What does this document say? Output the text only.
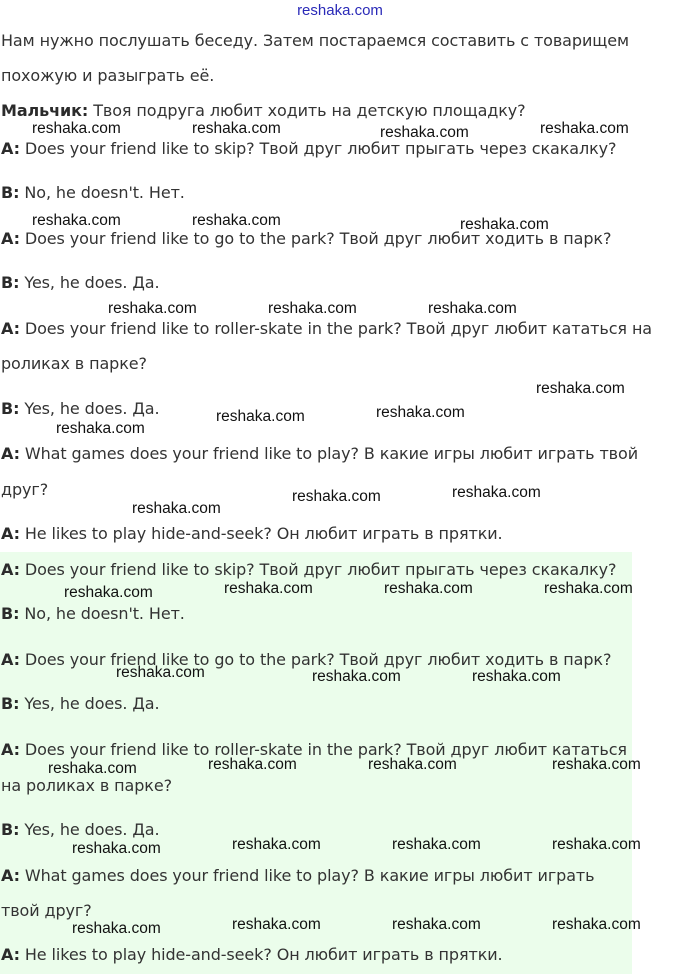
reshaka.com
Нам нужно послушать беседу. Затем постараемся составить с товарищем
похожую и разыграть её.
Мальчик: Твоя подруга любит ходить на детскую площадку?
A: Does your friend like to skip? Твой друг любит прыгать через скакалку?
B: No, he doesn't. Нет.
A: Does your friend like to go to the park? Твой друг любит ходить в парк?
B: Yes, he does. Да.
A: Does your friend like to roller-skate in the park? Твой друг любит кататься на
роликах в парке?
B: Yes, he does. Да.
A: What games does your friend like to play? В какие игры любит играть твой
друг?
A: He likes to play hide-and-seek? Он любит играть в прятки.
A: Does your friend like to skip? Твой друг любит прыгать через скакалку?
B: No, he doesn't. Нет.
A: Does your friend like to go to the park? Твой друг любит ходить в парк?
B: Yes, he does. Да.
A: Does your friend like to roller-skate in the park? Твой друг любит кататься
на роликах в парке?
B: Yes, he does. Да.
A: What games does your friend like to play? В какие игры любит играть
твой друг?
A: He likes to play hide-and-seek? Он любит играть в прятки.
reshaka.com	reshaka.com	reshaka.com	reshaka.com
reshaka.com	reshaka.com	reshaka.com
reshaka.com	reshaka.com	reshaka.com
reshaka.com
reshaka.com	reshaka.com
reshaka.com
reshaka.com
reshaka.com	reshaka.com
reshaka.com	reshaka.com	reshaka.com	reshaka.com
reshaka.com	reshaka.com	reshaka.com
reshaka.com	reshaka.com	reshaka.com	reshaka.com
reshaka.com	reshaka.com	reshaka.com	reshaka.com
reshaka.com	reshaka.com	reshaka.com	reshaka.com
